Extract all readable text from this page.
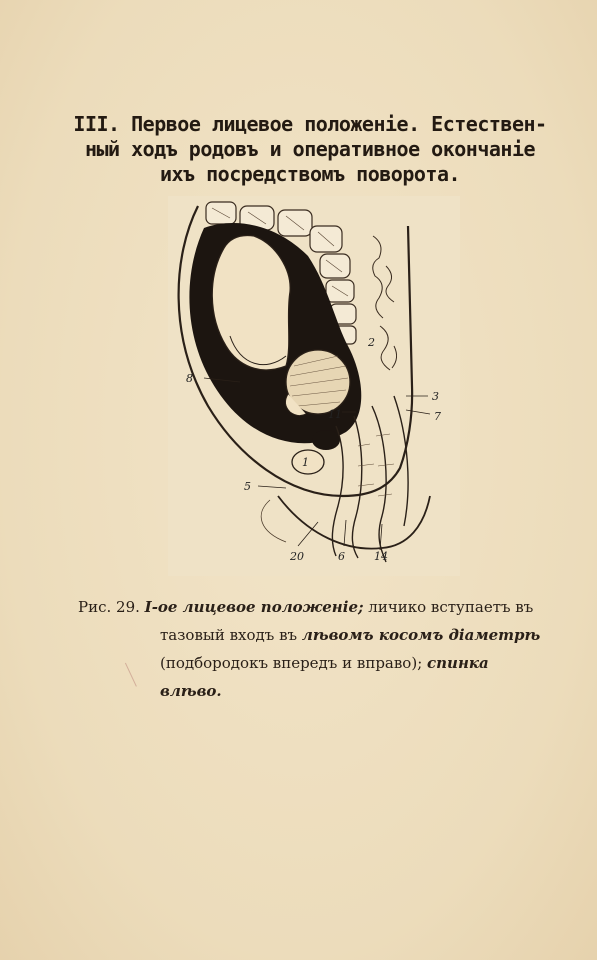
III. Первое лицевое положеніе. Естествен-
ный ходъ родовъ и оперативное окончаніе
ихъ посредствомъ поворота.
2
3
7
8
11
5
20	6	14
1
Рис. 29. I-ое лицевое положеніе; личико вступаетъ въ
тазовый входъ въ лѣвомъ косомъ діаметрѣ
(подбородокъ впередъ и вправо); спинка
влѣво.
